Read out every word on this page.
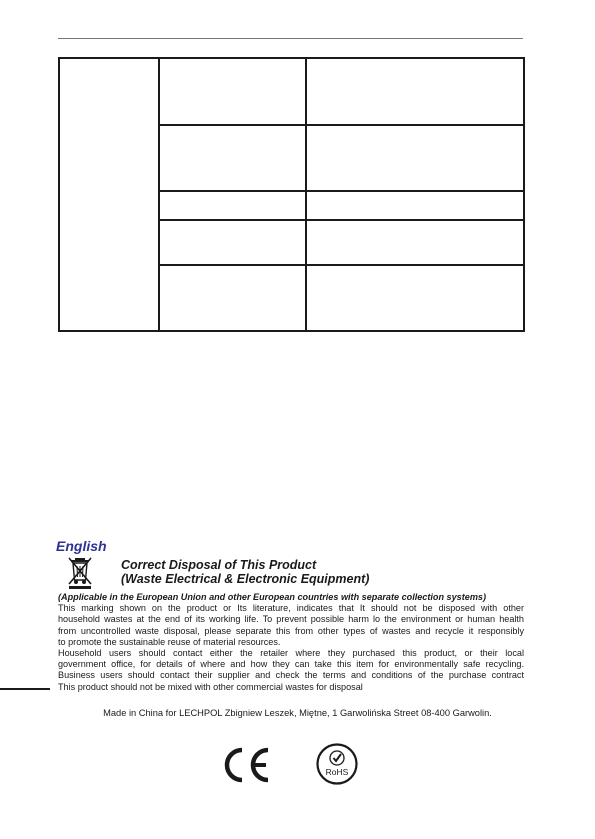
English
Correct Disposal of This Product
(Waste Electrical & Electronic Equipment)
(Applicable in the European Union and other European countries with separate collection systems)
This marking shown on the product or Its literature, indicates that It should not be disposed with other
household wastes at the end of its working life. To prevent possible harm lo the environment or human health
from uncontrolled waste disposal, please separate this from other types of wastes and recycle it responsibly
to promote the sustainable reuse of material resources.
Household users should contact either the retailer where they purchased this product, or their local
government office, for details of where and how they can take this item for environmentally safe recycling.
Business users should contact their supplier and check the terms and conditions of the purchase contract
This product should not be mixed with other commercial wastes for disposal
Made in China for LECHPOL Zbigniew Leszek, Miętne, 1 Garwolińska Street 08-400 Garwolin.
RoHS
